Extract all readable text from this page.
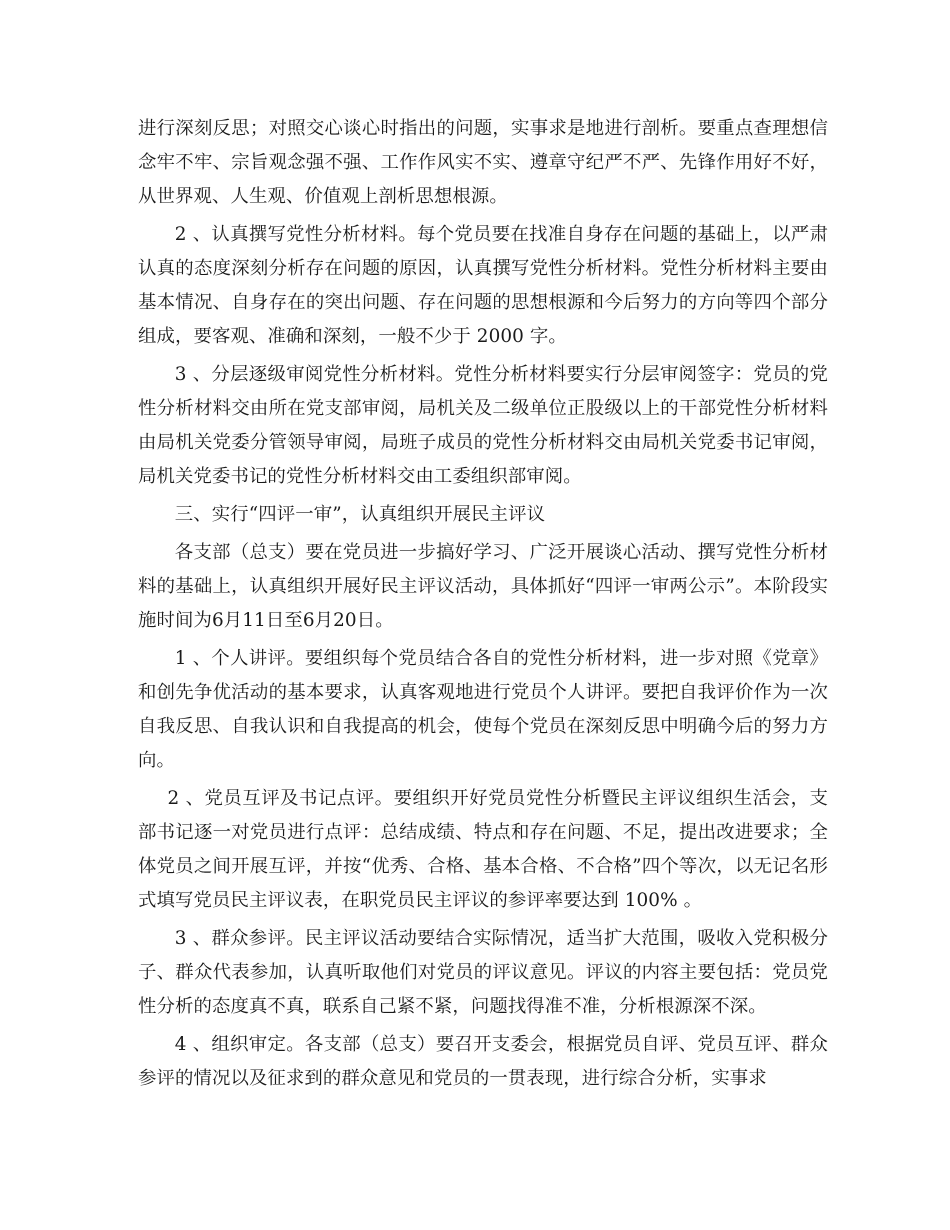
进行深刻反思；对照交心谈心时指出的问题，实事求是地进行剖析。要重点查理想信念牢不牢、宗旨观念强不强、工作作风实不实、遵章守纪严不严、先锋作用好不好，从世界观、人生观、价值观上剖析思想根源。

2 、认真撰写党性分析材料。每个党员要在找准自身存在问题的基础上，以严肃认真的态度深刻分析存在问题的原因，认真撰写党性分析材料。党性分析材料主要由基本情况、自身存在的突出问题、存在问题的思想根源和今后努力的方向等四个部分组成，要客观、准确和深刻，一般不少于 2000 字。

3 、分层逐级审阅党性分析材料。党性分析材料要实行分层审阅签字：党员的党性分析材料交由所在党支部审阅，局机关及二级单位正股级以上的干部党性分析材料由局机关党委分管领导审阅，局班子成员的党性分析材料交由局机关党委书记审阅，局机关党委书记的党性分析材料交由工委组织部审阅。

三、实行“四评一审”，认真组织开展民主评议

各支部（总支）要在党员进一步搞好学习、广泛开展谈心活动、撰写党性分析材料的基础上，认真组织开展好民主评议活动，具体抓好“四评一审两公示”。本阶段实施时间为6月11日至6月20日。

1 、个人讲评。要组织每个党员结合各自的党性分析材料，进一步对照《党章》和创先争优活动的基本要求，认真客观地进行党员个人讲评。要把自我评价作为一次自我反思、自我认识和自我提高的机会，使每个党员在深刻反思中明确今后的努力方向。

2 、党员互评及书记点评。要组织开好党员党性分析暨民主评议组织生活会，支部书记逐一对党员进行点评：总结成绩、特点和存在问题、不足，提出改进要求；全体党员之间开展互评，并按“优秀、合格、基本合格、不合格”四个等次，以无记名形式填写党员民主评议表，在职党员民主评议的参评率要达到 100% 。

3 、群众参评。民主评议活动要结合实际情况，适当扩大范围，吸收入党积极分子、群众代表参加，认真听取他们对党员的评议意见。评议的内容主要包括：党员党性分析的态度真不真，联系自己紧不紧，问题找得准不准，分析根源深不深。

4 、组织审定。各支部（总支）要召开支委会，根据党员自评、党员互评、群众参评的情况以及征求到的群众意见和党员的一贯表现，进行综合分析，实事求
